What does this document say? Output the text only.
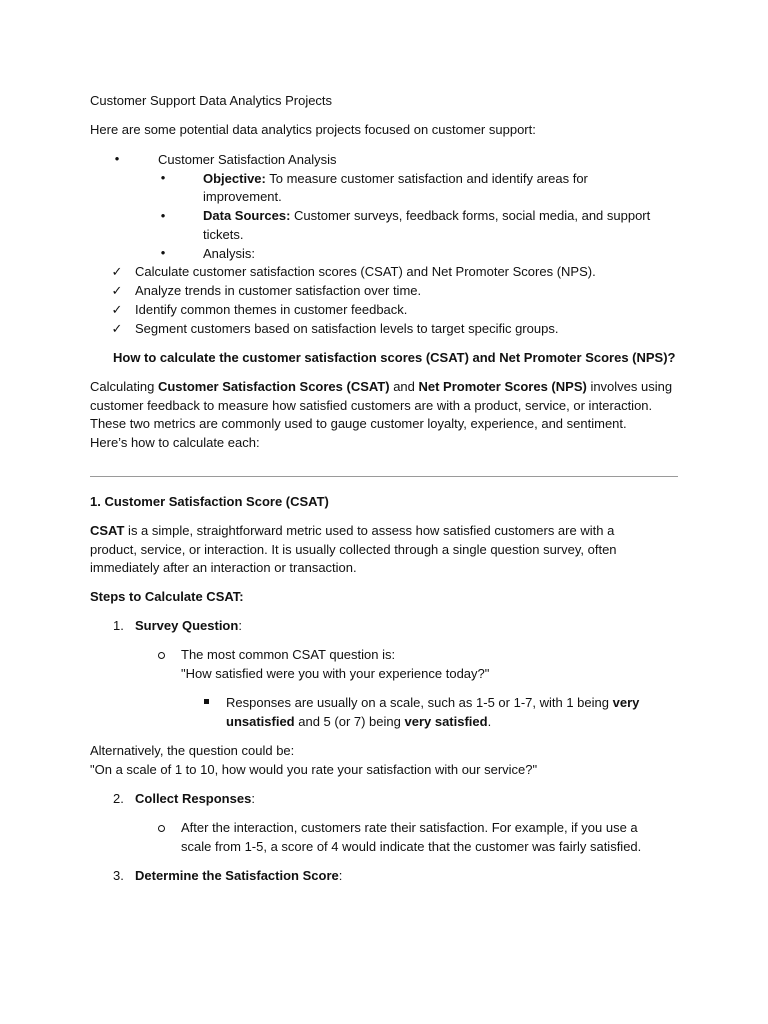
Customer Support Data Analytics Projects
Here are some potential data analytics projects focused on customer support:
•	Customer Satisfaction Analysis
•	Objective: To measure customer satisfaction and identify areas for
improvement.
•	Data Sources: Customer surveys, feedback forms, social media, and support
tickets.
•	Analysis:
✓ Calculate customer satisfaction scores (CSAT) and Net Promoter Scores (NPS).
✓ Analyze trends in customer satisfaction over time.
✓ Identify common themes in customer feedback.
✓ Segment customers based on satisfaction levels to target specific groups.
How to calculate the customer satisfaction scores (CSAT) and Net Promoter Scores (NPS)?
Calculating Customer Satisfaction Scores (CSAT) and Net Promoter Scores (NPS) involves using
customer feedback to measure how satisfied customers are with a product, service, or interaction.
These two metrics are commonly used to gauge customer loyalty, experience, and sentiment.
Here’s how to calculate each:
1. Customer Satisfaction Score (CSAT)
CSAT is a simple, straightforward metric used to assess how satisfied customers are with a
product, service, or interaction. It is usually collected through a single question survey, often
immediately after an interaction or transaction.
Steps to Calculate CSAT:
1. Survey Question:
The most common CSAT question is:
"How satisfied were you with your experience today?"
Responses are usually on a scale, such as 1-5 or 1-7, with 1 being very
unsatisfied and 5 (or 7) being very satisfied.
Alternatively, the question could be:
"On a scale of 1 to 10, how would you rate your satisfaction with our service?"
2. Collect Responses:
After the interaction, customers rate their satisfaction. For example, if you use a
scale from 1-5, a score of 4 would indicate that the customer was fairly satisfied.
3. Determine the Satisfaction Score:
